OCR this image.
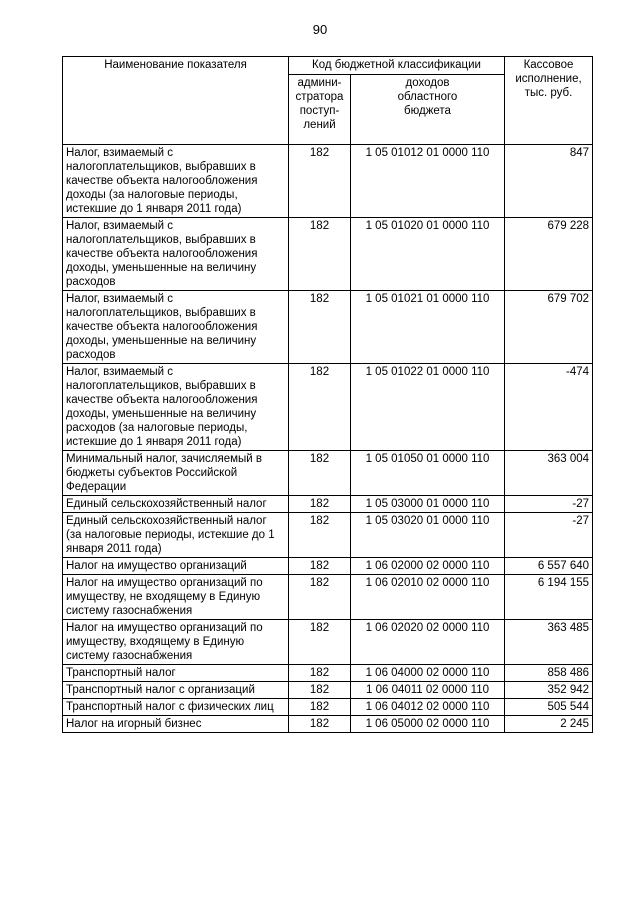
90
Наименование показателя	Код бюджетной классификации		Кассовое
исполнение,
тыс. руб.

	админи-
стратора
поступ-
лений	доходов
областного
бюджета	

Налог, взимаемый с налогоплательщиков, выбравших в качестве объекта налогообложения доходы (за налоговые периоды, истекшие до 1 января 2011 года)	182	1 05 01012 01 0000 110	847
Налог, взимаемый с налогоплательщиков, выбравших в качестве объекта налогообложения доходы, уменьшенные на величину расходов	182	1 05 01020 01 0000 110	679 228
Налог, взимаемый с налогоплательщиков, выбравших в качестве объекта налогообложения доходы, уменьшенные на величину расходов	182	1 05 01021 01 0000 110	679 702
Налог, взимаемый с налогоплательщиков, выбравших в качестве объекта налогообложения доходы, уменьшенные на величину расходов (за налоговые периоды, истекшие до 1 января 2011 года)	182	1 05 01022 01 0000 110	-474
Минимальный налог, зачисляемый в бюджеты субъектов Российской Федерации	182	1 05 01050 01 0000 110	363 004
Единый сельскохозяйственный налог	182	1 05 03000 01 0000 110	-27
Единый сельскохозяйственный налог (за налоговые периоды, истекшие до 1 января 2011 года)	182	1 05 03020 01 0000 110	-27
Налог на имущество организаций	182	1 06 02000 02 0000 110	6 557 640
Налог на имущество организаций по имуществу, не входящему в Единую систему газоснабжения	182	1 06 02010 02 0000 110	6 194 155
Налог на имущество организаций по имуществу, входящему в Единую систему газоснабжения	182	1 06 02020 02 0000 110	363 485
Транспортный налог	182	1 06 04000 02 0000 110	858 486
Транспортный налог с организаций	182	1 06 04011 02 0000 110	352 942
Транспортный налог с физических лиц	182	1 06 04012 02 0000 110	505 544
Налог на игорный бизнес	182	1 06 05000 02 0000 110	2 245
